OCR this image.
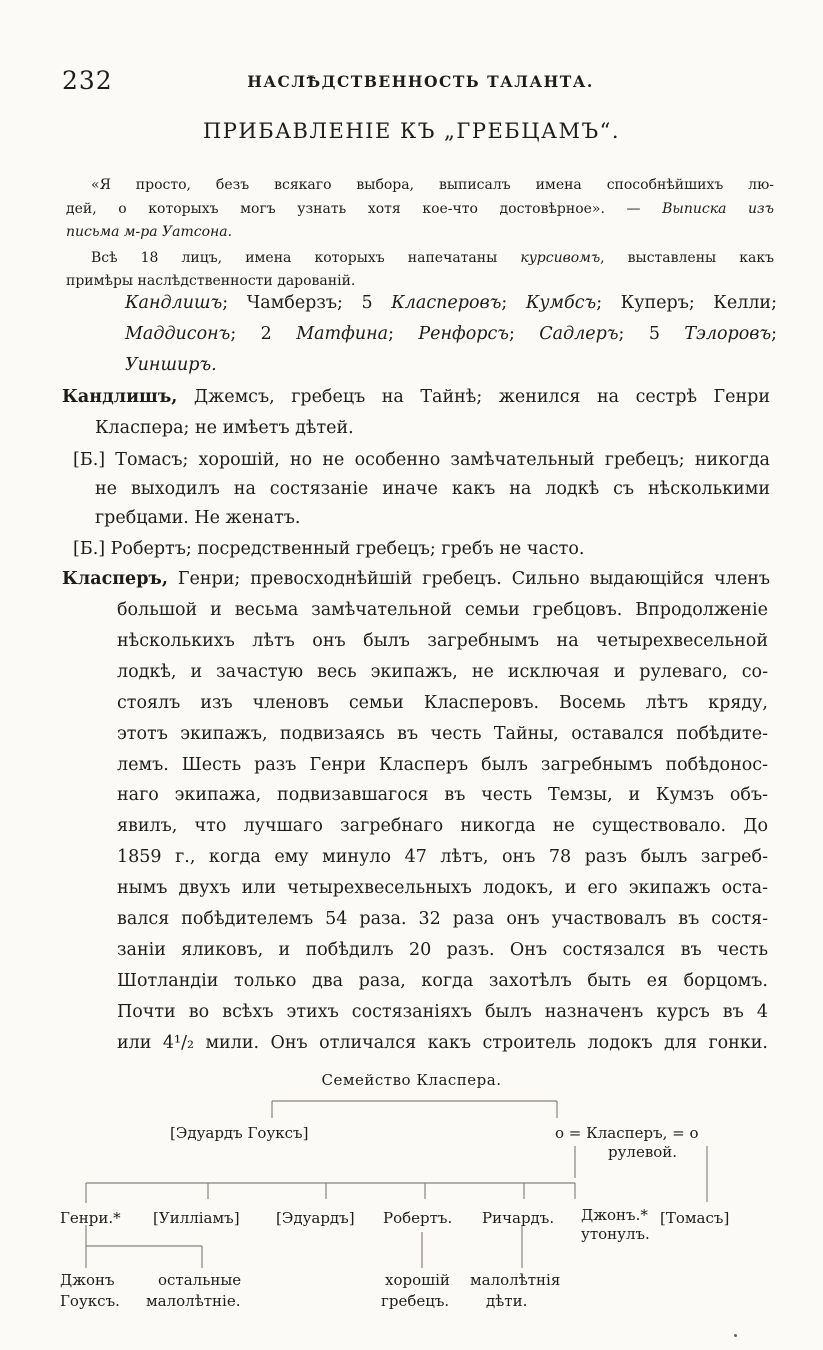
232	НАСЛѢДСТВЕННОСТЬ ТАЛАНТА.
ПРИБАВЛЕНІЕ КЪ „ГРЕБЦАМЪ“.
«Я просто, безъ всякаго выбора, выписалъ имена способнѣйшихъ лю-
дей, о которыхъ могъ узнать хотя кое-что достовѣрное». — Выписка изъ
письма м-ра Уатсона.
Всѣ 18 лицъ, имена которыхъ напечатаны курсивомъ, выставлены какъ
примѣры наслѣдственности дарованій.
Кандлишъ; Чамберзъ; 5 Класперовъ; Кумбсъ; Куперъ; Келли;
Маддисонъ; 2 Матфина; Ренфорсъ; Садлеръ; 5 Тэлоровъ;
Уинширъ.
Кандлишъ, Джемсъ, гребецъ на Тайнѣ; женился на сестрѣ Генри
Класпера; не имѣетъ дѣтей.
[Б.] Томасъ; хорошій, но не особенно замѣчательный гребецъ; никогда
не выходилъ на состязаніе иначе какъ на лодкѣ съ нѣсколькими
гребцами. Не женатъ.
[Б.] Робертъ; посредственный гребецъ; гребъ не часто.
Класперъ, Генри; превосходнѣйшій гребецъ. Сильно выдающійся членъ
большой и весьма замѣчательной семьи гребцовъ. Впродолженіе
нѣсколькихъ лѣтъ онъ былъ загребнымъ на четырехвесельной
лодкѣ, и зачастую весь экипажъ, не исключая и рулеваго, со-
стоялъ изъ членовъ семьи Класперовъ. Восемь лѣтъ кряду,
этотъ экипажъ, подвизаясь въ честь Тайны, оставался побѣдите-
лемъ. Шесть разъ Генри Класперъ былъ загребнымъ побѣдонос-
наго экипажа, подвизавшагося въ честь Темзы, и Кумзъ объ-
явилъ, что лучшаго загребнаго никогда не существовало. До
1859 г., когда ему минуло 47 лѣтъ, онъ 78 разъ былъ загреб-
нымъ двухъ или четырехвесельныхъ лодокъ, и его экипажъ оста-
вался побѣдителемъ 54 раза. 32 раза онъ участвовалъ въ состя-
заніи яликовъ, и побѣдилъ 20 разъ. Онъ состязался въ честь
Шотландіи только два раза, когда захотѣлъ быть ея борцомъ.
Почти во всѣхъ этихъ состязаніяхъ былъ назначенъ курсъ въ 4
или 4¹/₂ мили. Онъ отличался какъ строитель лодокъ для гонки.
Семейство Класпера.
[Эдуардъ Гоуксъ]	о = Класперъ, = о
рулевой.
Генри.* [Уилліамъ] [Эдуардъ] Робертъ. Ричардъ. Джонъ.* [Томасъ]
утонулъ.
Джонъ
Гоуксъ.
остальные
малолѣтніе.
хорошій
гребецъ.
малолѣтнія
дѣти.
